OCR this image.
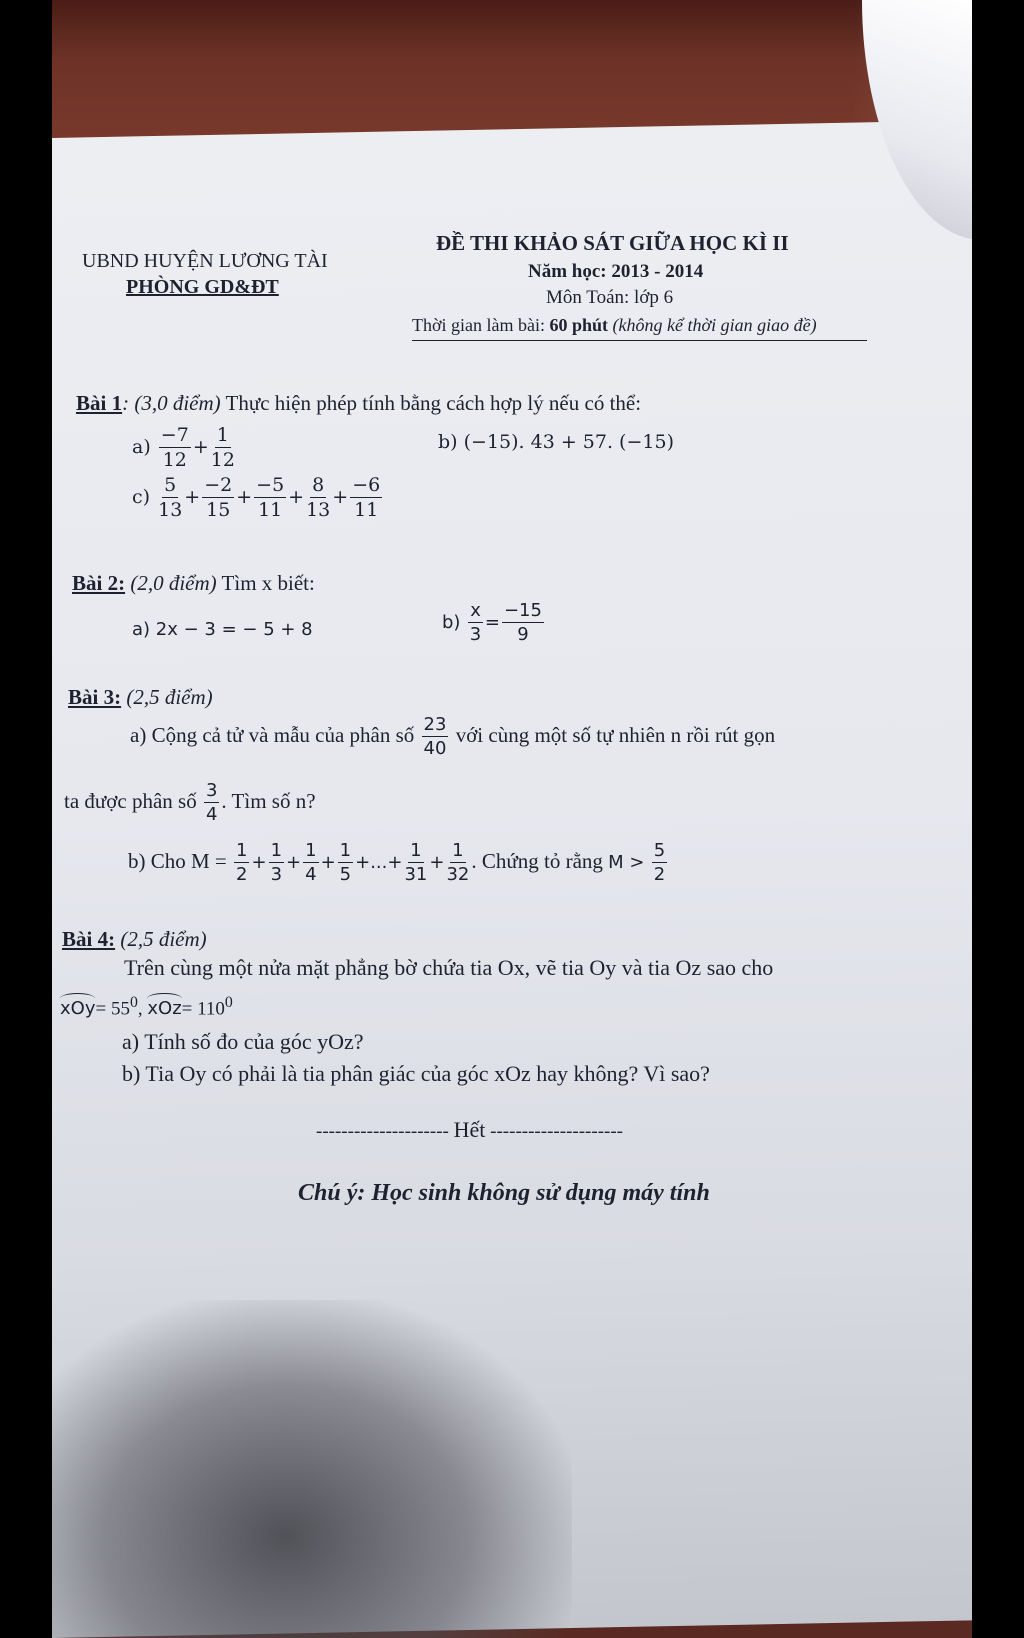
UBND HUYỆN LƯƠNG TÀI
PHÒNG GD&ĐT
ĐỀ THI KHẢO SÁT GIỮA HỌC KÌ II
Năm học: 2013 - 2014
Môn Toán: lớp 6
Thời gian làm bài: 60 phút (không kể thời gian giao đề)
Bài 1: (3,0 điểm) Thực hiện phép tính bằng cách hợp lý nếu có thể:
$a) \frac{-7}{12} + \frac{1}{12}$	b) (−15). 43 + 57. (−15)
$c) \frac{5}{13} + \frac{-2}{15} + \frac{-5}{11} + \frac{8}{13} + \frac{-6}{11}$
Bài 2: (2,0 điểm) Tìm x biết:
a) 2x − 3 = − 5 + 8	$b) \frac{x}{3} = \frac{-15}{9}$
Bài 3: (2,5 điểm)
a) Cộng cả tử và mẫu của phân số $\frac{23}{40}$ với cùng một số tự nhiên n rồi rút gọn
ta được phân số $\frac{3}{4}$ . Tìm số n?
b) Cho $M = \frac{1}{2} + \frac{1}{3} + \frac{1}{4} + \frac{1}{5}$ +...+ $\frac{1}{31} + \frac{1}{32}$ . Chứng tỏ rằng $M > \frac{5}{2}$
Bài 4: (2,5 điểm)
Trên cùng một nửa mặt phẳng bờ chứa tia Ox, vẽ tia Oy và tia Oz sao cho
$xOy= 55^0$, $xOz= 110^0$
a) Tính số đo của góc yOz?
b) Tia Oy có phải là tia phân giác của góc xOz hay không? Vì sao?
--------------------- Hết ---------------------
Chú ý: Học sinh không sử dụng máy tính
